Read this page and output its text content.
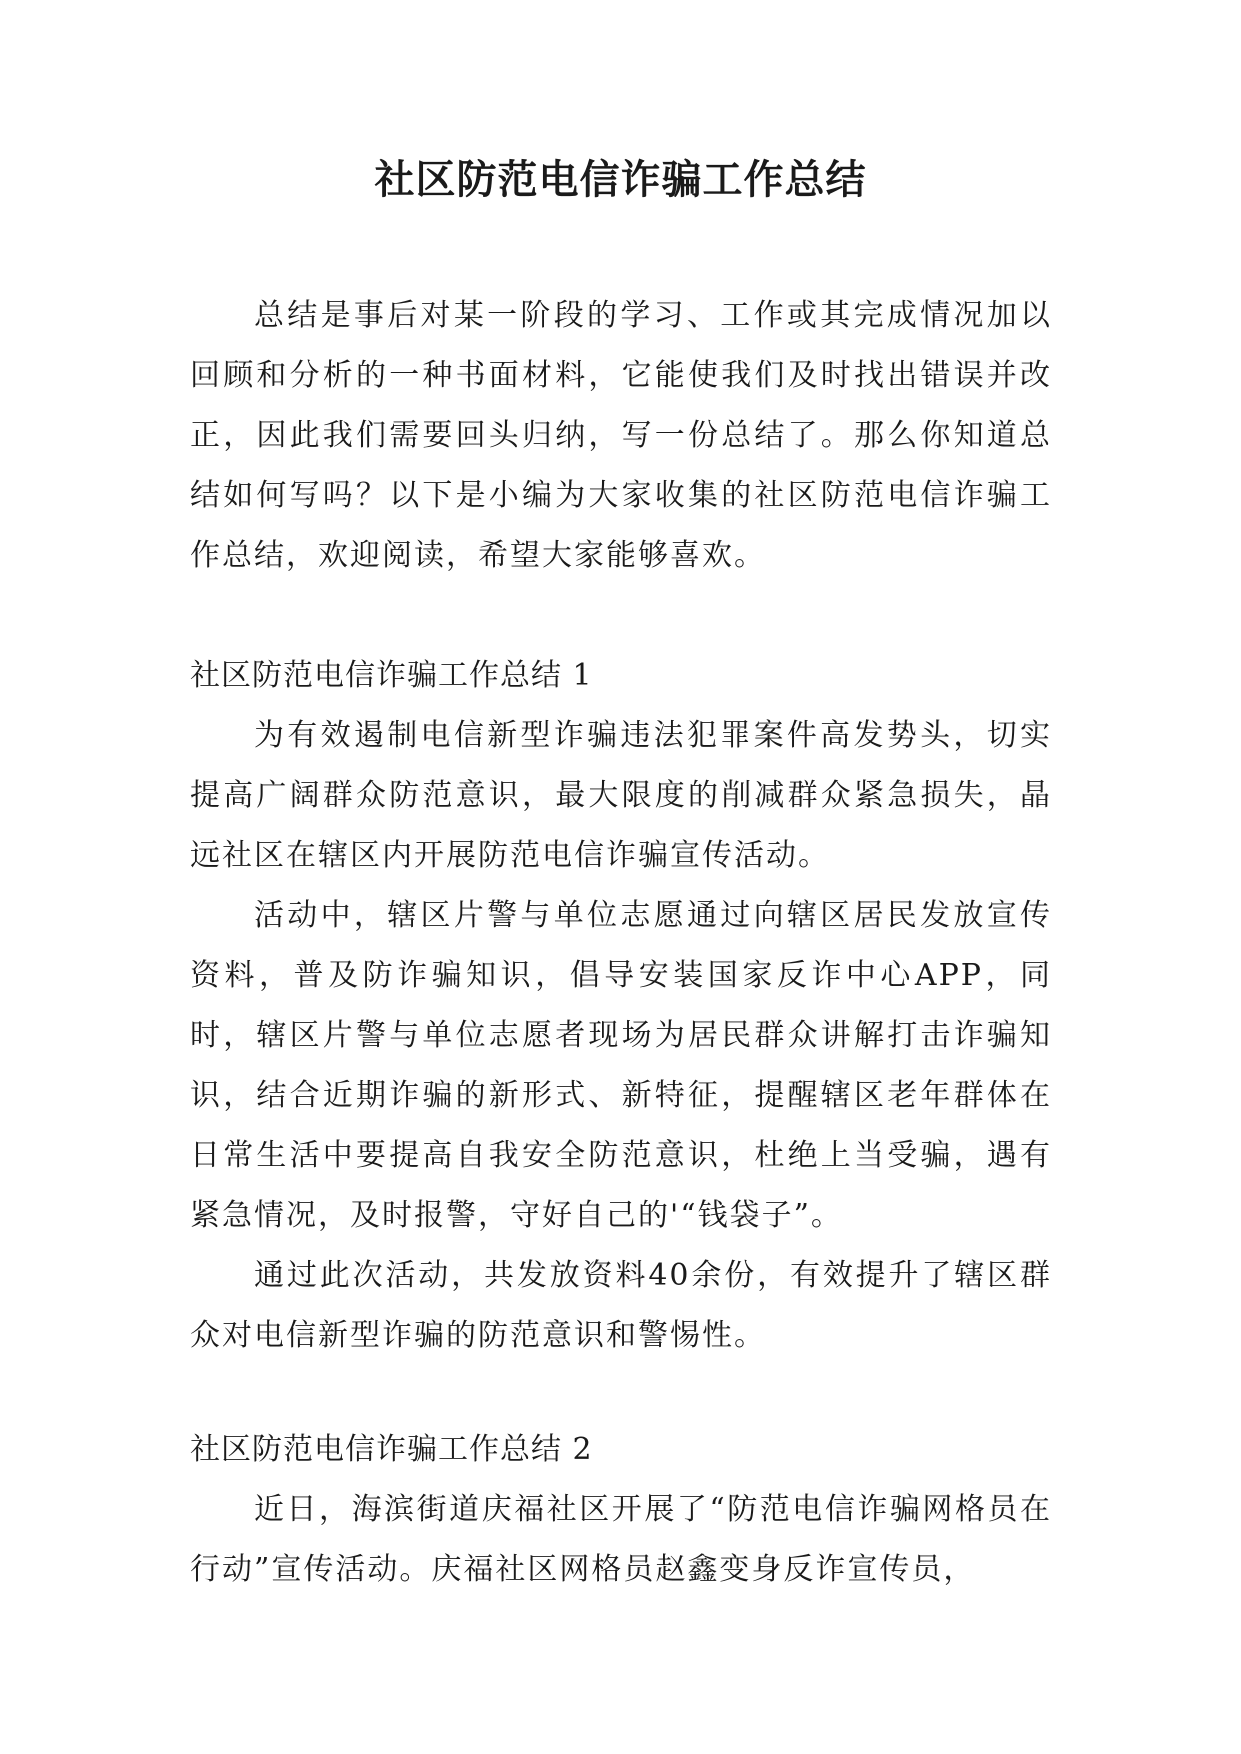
社区防范电信诈骗工作总结

总结是事后对某一阶段的学习、工作或其完成情况加以回顾和分析的一种书面材料，它能使我们及时找出错误并改正，因此我们需要回头归纳，写一份总结了。那么你知道总结如何写吗？以下是小编为大家收集的社区防范电信诈骗工作总结，欢迎阅读，希望大家能够喜欢。

社区防范电信诈骗工作总结 1

为有效遏制电信新型诈骗违法犯罪案件高发势头，切实提高广阔群众防范意识，最大限度的削减群众紧急损失，晶远社区在辖区内开展防范电信诈骗宣传活动。

活动中，辖区片警与单位志愿通过向辖区居民发放宣传资料，普及防诈骗知识，倡导安装国家反诈中心APP，同时，辖区片警与单位志愿者现场为居民群众讲解打击诈骗知识，结合近期诈骗的新形式、新特征，提醒辖区老年群体在日常生活中要提高自我安全防范意识，杜绝上当受骗，遇有紧急情况，及时报警，守好自己的'“钱袋子”。

通过此次活动，共发放资料40余份，有效提升了辖区群众对电信新型诈骗的防范意识和警惕性。

社区防范电信诈骗工作总结 2

近日，海滨街道庆福社区开展了“防范电信诈骗网格员在行动”宣传活动。庆福社区网格员赵鑫变身反诈宣传员，
